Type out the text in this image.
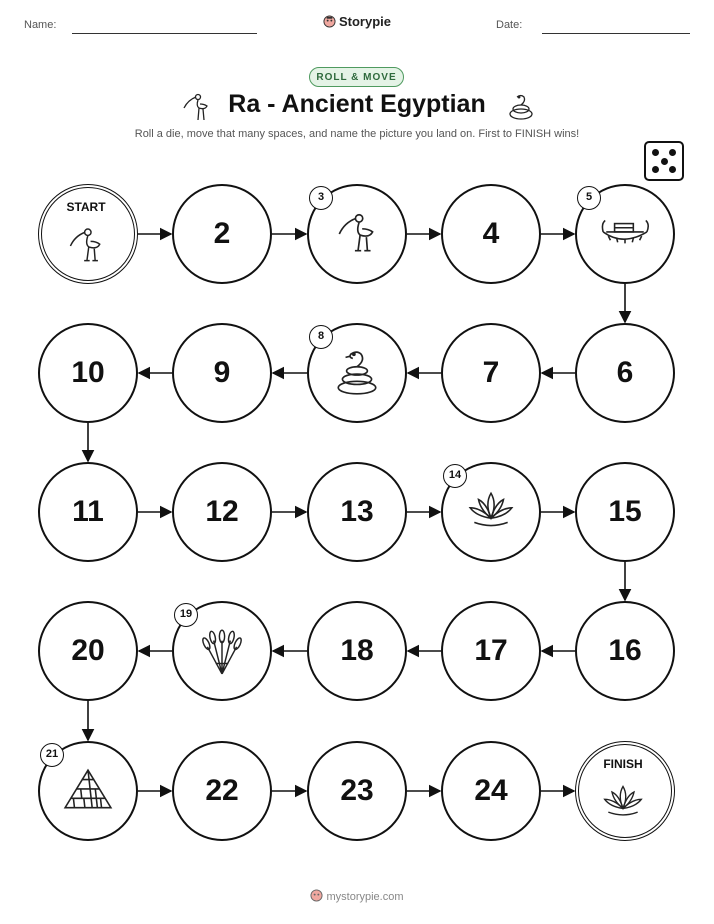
Name:	Storypie	Date:
ROLL & MOVE
Ra - Ancient Egyptian
Roll a die, move that many spaces, and name the picture you land on. First to FINISH wins!
START
2
3
4
5
6
7
8
9
10
11	12	13
14
15
16
17
18
19
20
21
22	23	24
FINISH
mystorypie.com
